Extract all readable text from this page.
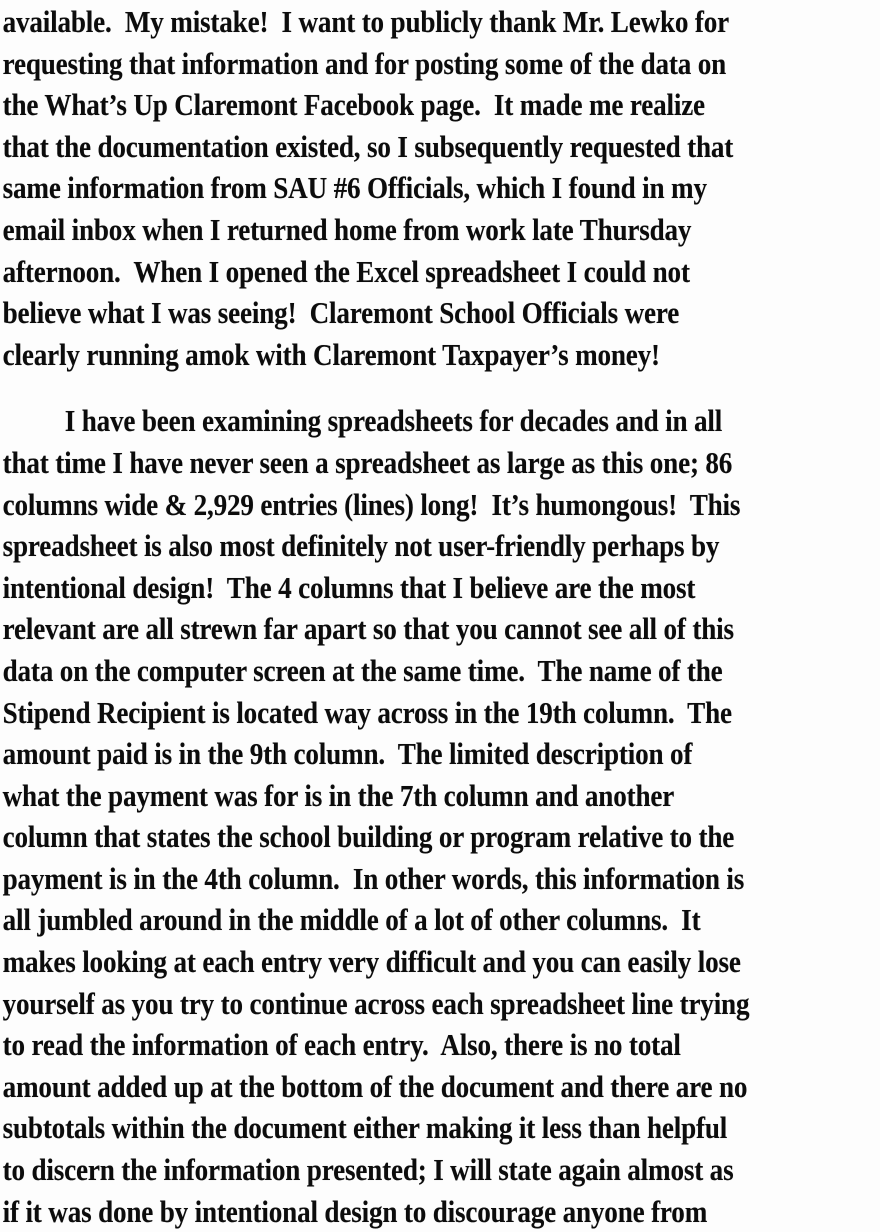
available.  My mistake!  I want to publicly thank Mr. Lewko for
requesting that information and for posting some of the data on
the What’s Up Claremont Facebook page.  It made me realize
that the documentation existed, so I subsequently requested that
same information from SAU #6 Officials, which I found in my
email inbox when I returned home from work late Thursday
afternoon.  When I opened the Excel spreadsheet I could not
believe what I was seeing!  Claremont School Officials were
clearly running amok with Claremont Taxpayer’s money!
I have been examining spreadsheets for decades and in all
that time I have never seen a spreadsheet as large as this one; 86
columns wide & 2,929 entries (lines) long!  It’s humongous!  This
spreadsheet is also most definitely not user-friendly perhaps by
intentional design!  The 4 columns that I believe are the most
relevant are all strewn far apart so that you cannot see all of this
data on the computer screen at the same time.  The name of the
Stipend Recipient is located way across in the 19th column.  The
amount paid is in the 9th column.  The limited description of
what the payment was for is in the 7th column and another
column that states the school building or program relative to the
payment is in the 4th column.  In other words, this information is
all jumbled around in the middle of a lot of other columns.  It
makes looking at each entry very difficult and you can easily lose
yourself as you try to continue across each spreadsheet line trying
to read the information of each entry.  Also, there is no total
amount added up at the bottom of the document and there are no
subtotals within the document either making it less than helpful
to discern the information presented; I will state again almost as
if it was done by intentional design to discourage anyone from
